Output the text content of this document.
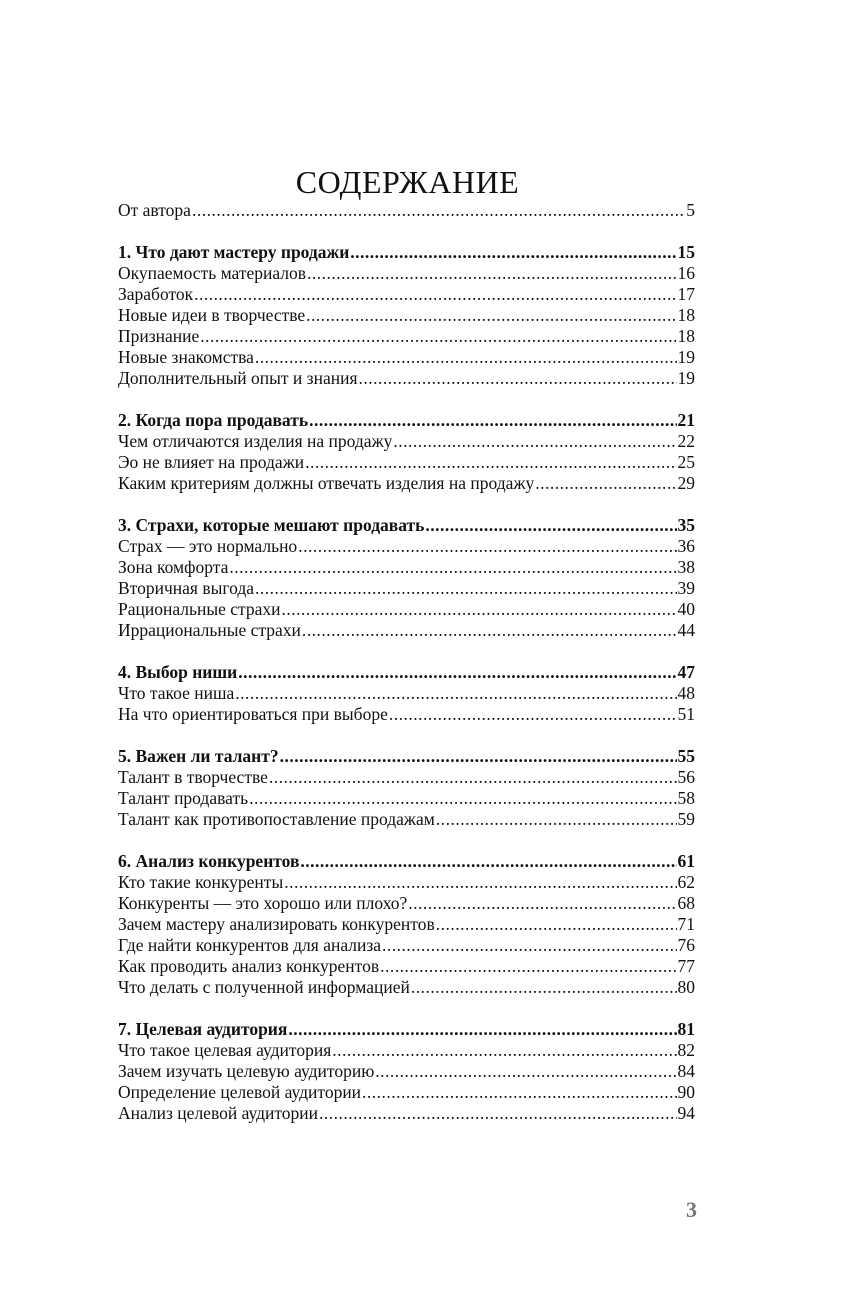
СОДЕРЖАНИЕ
От автора .....	5
1. Что дают мастеру продажи .....	15
Окупаемость материалов .....	16
Заработок .....	17
Новые идеи в творчестве .....	18
Признание .....	18
Новые знакомства .....	19
Дополнительный опыт и знания .....	19
2. Когда пора продавать .....	21
Чем отличаются изделия на продажу .....	22
Эо не влияет на продажи .....	25
Каким критериям должны отвечать изделия на продажу .....	29
3. Страхи, которые мешают продавать .....	35
Страх — это нормально .....	36
Зона комфорта .....	38
Вторичная выгода .....	39
Рациональные страхи .....	40
Иррациональные страхи .....	44
4. Выбор ниши .....	47
Что такое ниша .....	48
На что ориентироваться при выборе .....	51
5. Важен ли талант? .....	55
Талант в творчестве .....	56
Талант продавать .....	58
Талант как противопоставление продажам .....	59
6. Анализ конкурентов .....	61
Кто такие конкуренты .....	62
Конкуренты — это хорошо или плохо? .....	68
Зачем мастеру анализировать конкурентов .....	71
Где найти конкурентов для анализа .....	76
Как проводить анализ конкурентов .....	77
Что делать с полученной информацией .....	80
7. Целевая аудитория .....	81
Что такое целевая аудитория .....	82
Зачем изучать целевую аудиторию .....	84
Определение целевой аудитории .....	90
Анализ целевой аудитории .....	94
3
